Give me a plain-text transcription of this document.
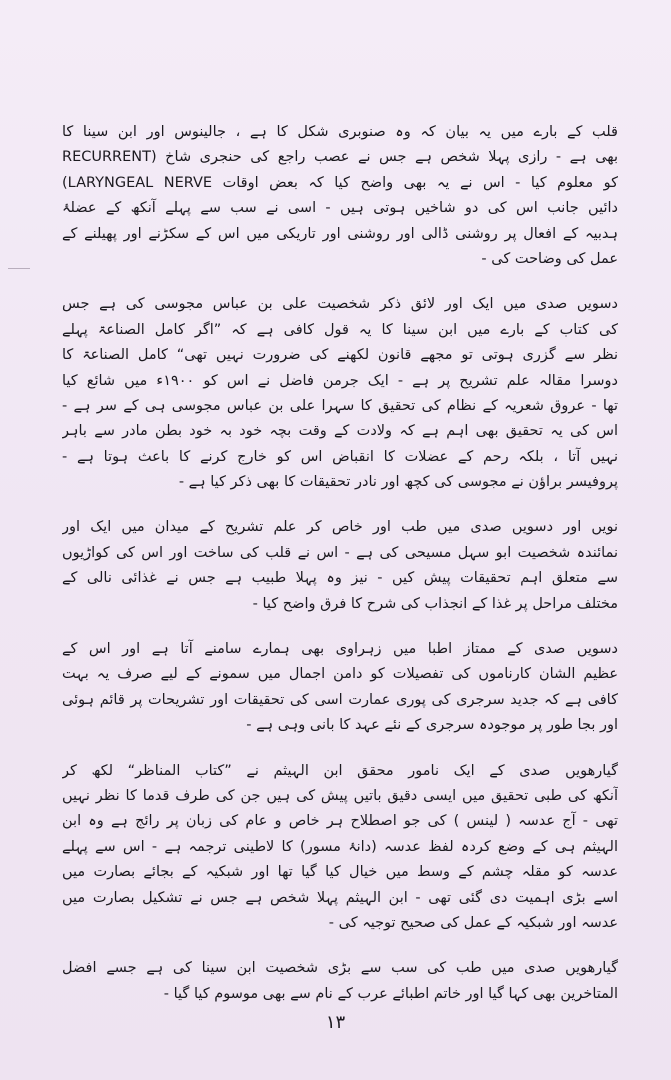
قلب کے بارے میں یہ بیان کہ وہ صنوبری شکل کا ہے ، جالینوس اور ابن سینا کا
بھی ہے - رازی پہلا شخص ہے جس نے عصب راجع کی حنجری شاخ (RECURRENT
(LARYNGEAL NERVE کو معلوم کیا - اس نے یہ بھی واضح کیا کہ بعض اوقات
دائیں جانب اس کی دو شاخیں ہوتی ہیں - اسی نے سب سے پہلے آنکھ کے عضلۂ
ہدبیہ کے افعال پر روشنی ڈالی اور روشنی اور تاریکی میں اس کے سکڑنے اور پھیلنے کے
عمل کی وضاحت کی -
دسویں صدی میں ایک اور لائق ذکر شخصیت علی بن عباس مجوسی کی ہے جس
کی کتاب کے بارے میں ابن سینا کا یہ قول کافی ہے کہ ”اگر کامل الصناعۃ پہلے
نظر سے گزری ہوتی تو مجھے قانون لکھنے کی ضرورت نہیں تھی“ کامل الصناعۃ کا
دوسرا مقالہ علم تشریح پر ہے - ایک جرمن فاضل نے اس کو ۱۹۰۰ء میں شائع کیا
تھا - عروق شعریہ کے نظام کی تحقیق کا سہرا علی بن عباس مجوسی ہی کے سر ہے -
اس کی یہ تحقیق بھی اہم ہے کہ ولادت کے وقت بچہ خود بہ خود بطن مادر سے باہر
نہیں آتا ، بلکہ رحم کے عضلات کا انقباض اس کو خارج کرنے کا باعث ہوتا ہے -
پروفیسر براؤن نے مجوسی کی کچھ اور نادر تحقیقات کا بھی ذکر کیا ہے -
نویں اور دسویں صدی میں طب اور خاص کر علم تشریح کے میدان میں ایک اور
نمائندہ شخصیت ابو سہل مسیحی کی ہے - اس نے قلب کی ساخت اور اس کی کواڑیوں
سے متعلق اہم تحقیقات پیش کیں - نیز وہ پہلا طبیب ہے جس نے غذائی نالی کے
مختلف مراحل پر غذا کے انجذاب کی شرح کا فرق واضح کیا -
دسویں صدی کے ممتاز اطبا میں زہراوی بھی ہمارے سامنے آتا ہے اور اس کے
عظیم الشان کارناموں کی تفصیلات کو دامن اجمال میں سمونے کے لیے صرف یہ بہت
کافی ہے کہ جدید سرجری کی پوری عمارت اسی کی تحقیقات اور تشریحات پر قائم ہوئی
اور بجا طور پر موجودہ سرجری کے نئے عہد کا بانی وہی ہے -
گیارھویں صدی کے ایک نامور محقق ابن الہیثم نے ”کتاب المناظر“ لکھ کر
آنکھ کی طبی تحقیق میں ایسی دقیق باتیں پیش کی ہیں جن کی طرف قدما کا نظر نہیں
تھی - آج عدسہ ( لینس ) کی جو اصطلاح ہر خاص و عام کی زبان پر رائج ہے وہ ابن
الہیثم ہی کے وضع کردہ لفظ عدسہ (دانۂ مسور) کا لاطینی ترجمہ ہے - اس سے پہلے
عدسہ کو مقلہ چشم کے وسط میں خیال کیا گیا تھا اور شبکیہ کے بجائے بصارت میں
اسے بڑی اہمیت دی گئی تھی - ابن الہیثم پہلا شخص ہے جس نے تشکیل بصارت میں
عدسہ اور شبکیہ کے عمل کی صحیح توجیہ کی -
گیارھویں صدی میں طب کی سب سے بڑی شخصیت ابن سینا کی ہے جسے افضل
المتاخرین بھی کہا گیا اور خاتم اطبائے عرب کے نام سے بھی موسوم کیا گیا -
۱۳
